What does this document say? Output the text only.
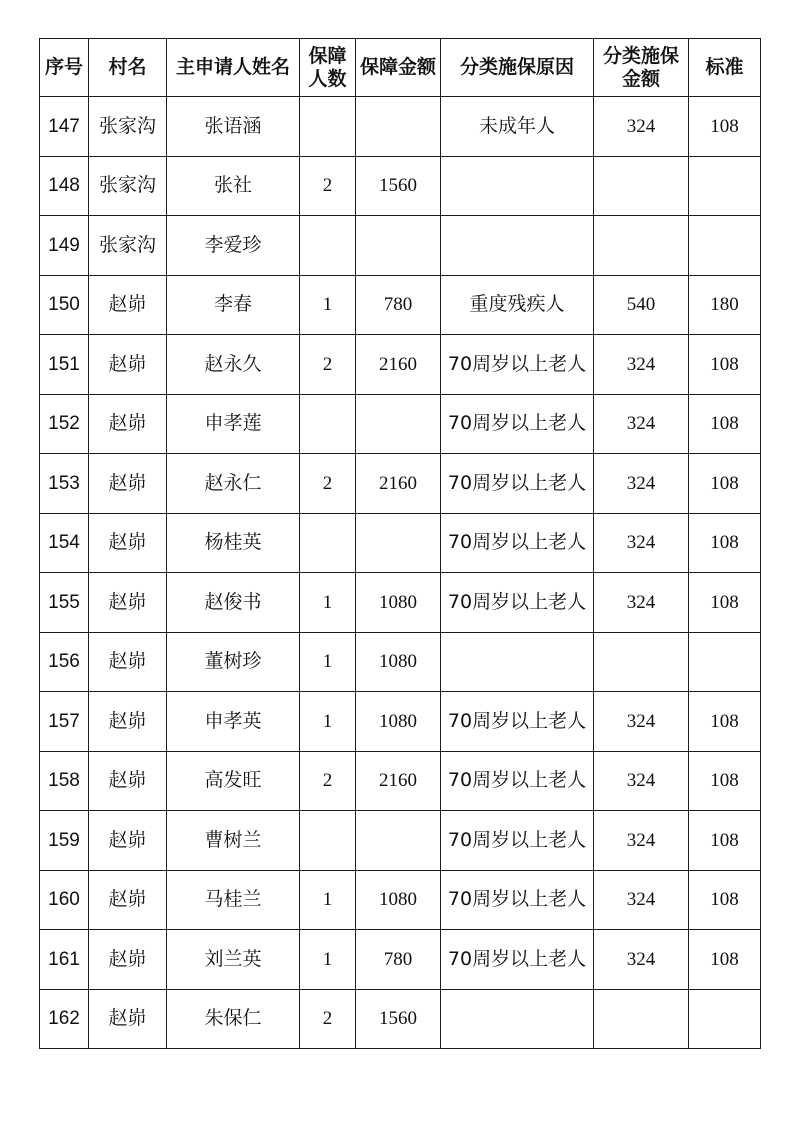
序号	村名	主申请人姓名	保障人数	保障金额	分类施保原因	分类施保金额	标准
147	张家沟	张语涵			未成年人	324	108
148	张家沟	张社	2	1560			
149	张家沟	李爱珍					
150	赵峁	李春	1	780	重度残疾人	540	180
151	赵峁	赵永久	2	2160	70周岁以上老人	324	108
152	赵峁	申孝莲			70周岁以上老人	324	108
153	赵峁	赵永仁	2	2160	70周岁以上老人	324	108
154	赵峁	杨桂英			70周岁以上老人	324	108
155	赵峁	赵俊书	1	1080	70周岁以上老人	324	108
156	赵峁	董树珍	1	1080			
157	赵峁	申孝英	1	1080	70周岁以上老人	324	108
158	赵峁	高发旺	2	2160	70周岁以上老人	324	108
159	赵峁	曹树兰			70周岁以上老人	324	108
160	赵峁	马桂兰	1	1080	70周岁以上老人	324	108
161	赵峁	刘兰英	1	780	70周岁以上老人	324	108
162	赵峁	朱保仁	2	1560			
